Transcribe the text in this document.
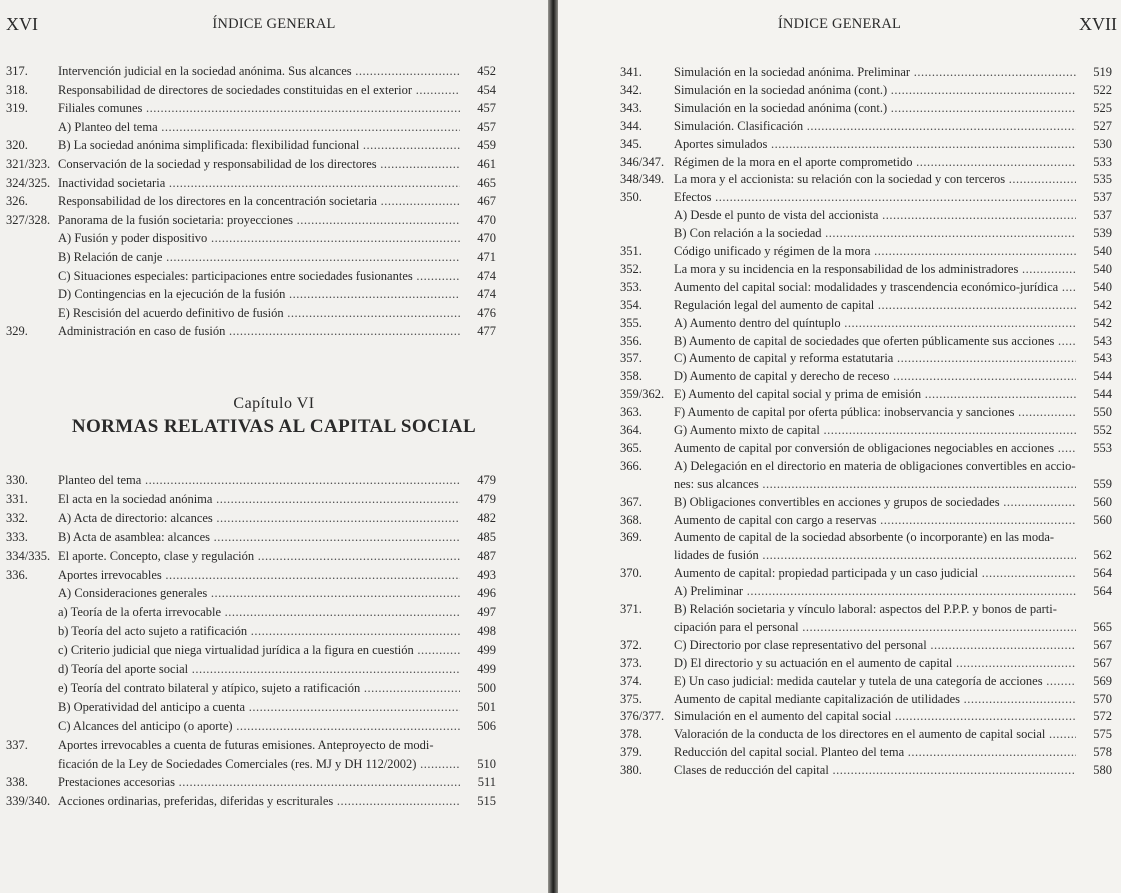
XVI	ÍNDICE GENERAL
317. Intervención judicial en la sociedad anónima. Sus alcances .....	452
318. Responsabilidad de directores de sociedades constituidas en el exterior .....	454
319. Filiales comunes .....	457
A) Planteo del tema .....	457
320. B) La sociedad anónima simplificada: flexibilidad funcional .....	459
321/323. Conservación de la sociedad y responsabilidad de los directores .....	461
324/325. Inactividad societaria .....	465
326. Responsabilidad de los directores en la concentración societaria .....	467
327/328. Panorama de la fusión societaria: proyecciones .....	470
A) Fusión y poder dispositivo .....	470
B) Relación de canje .....	471
C) Situaciones especiales: participaciones entre sociedades fusionantes .....	474
D) Contingencias en la ejecución de la fusión .....	474
E) Rescisión del acuerdo definitivo de fusión .....	476
329. Administración en caso de fusión .....	477
Capítulo VI
NORMAS RELATIVAS AL CAPITAL SOCIAL
330. Planteo del tema .....	479
331. El acta en la sociedad anónima .....	479
332. A) Acta de directorio: alcances .....	482
333. B) Acta de asamblea: alcances .....	485
334/335. El aporte. Concepto, clase y regulación .....	487
336. Aportes irrevocables .....	493
A) Consideraciones generales .....	496
a) Teoría de la oferta irrevocable .....	497
b) Teoría del acto sujeto a ratificación .....	498
c) Criterio judicial que niega virtualidad jurídica a la figura en cuestión .....	499
d) Teoría del aporte social .....	499
e) Teoría del contrato bilateral y atípico, sujeto a ratificación .....	500
B) Operatividad del anticipo a cuenta .....	501
C) Alcances del anticipo (o aporte) .....	506
337. Aportes irrevocables a cuenta de futuras emisiones. Anteproyecto de modi-
ficación de la Ley de Sociedades Comerciales (res. MJ y DH 112/2002) .....	510
338. Prestaciones accesorias .....	511
339/340. Acciones ordinarias, preferidas, diferidas y escriturales .....	515
ÍNDICE GENERAL	XVII
341.	Simulación en la sociedad anónima. Preliminar .....	519
342.	Simulación en la sociedad anónima (cont.) .....	522
343.	Simulación en la sociedad anónima (cont.) .....	525
344.	Simulación. Clasificación .....	527
345.	Aportes simulados .....	530
346/347. Régimen de la mora en el aporte comprometido .....	533
348/349. La mora y el accionista: su relación con la sociedad y con terceros .....	535
350.	Efectos .....	537
A) Desde el punto de vista del accionista .....	537
B) Con relación a la sociedad .....	539
351.	Código unificado y régimen de la mora .....	540
352.	La mora y su incidencia en la responsabilidad de los administradores .....	540
353.	Aumento del capital social: modalidades y trascendencia económico-jurídica .....	540
354.	Regulación legal del aumento de capital .....	542
355.	A) Aumento dentro del quíntuplo .....	542
356.	B) Aumento de capital de sociedades que oferten públicamente sus acciones .....	543
357.	C) Aumento de capital y reforma estatutaria .....	543
358.	D) Aumento de capital y derecho de receso .....	544
359/362. E) Aumento del capital social y prima de emisión .....	544
363.	F) Aumento de capital por oferta pública: inobservancia y sanciones .....	550
364.	G) Aumento mixto de capital .....	552
365.	Aumento de capital por conversión de obligaciones negociables en acciones .....	553
366.	A) Delegación en el directorio en materia de obligaciones convertibles en accio-
nes: sus alcances .....	559
367.	B) Obligaciones convertibles en acciones y grupos de sociedades .....	560
368.	Aumento de capital con cargo a reservas .....	560
369.	Aumento de capital de la sociedad absorbente (o incorporante) en las moda-
lidades de fusión .....	562
370.	Aumento de capital: propiedad participada y un caso judicial .....	564
A) Preliminar .....	564
371.	B) Relación societaria y vínculo laboral: aspectos del P.P.P. y bonos de parti-
cipación para el personal .....	565
372.	C) Directorio por clase representativo del personal .....	567
373.	D) El directorio y su actuación en el aumento de capital .....	567
374.	E) Un caso judicial: medida cautelar y tutela de una categoría de acciones .....	569
375.	Aumento de capital mediante capitalización de utilidades .....	570
376/377. Simulación en el aumento del capital social .....	572
378.	Valoración de la conducta de los directores en el aumento de capital social .....	575
379.	Reducción del capital social. Planteo del tema .....	578
380.	Clases de reducción del capital .....	580
